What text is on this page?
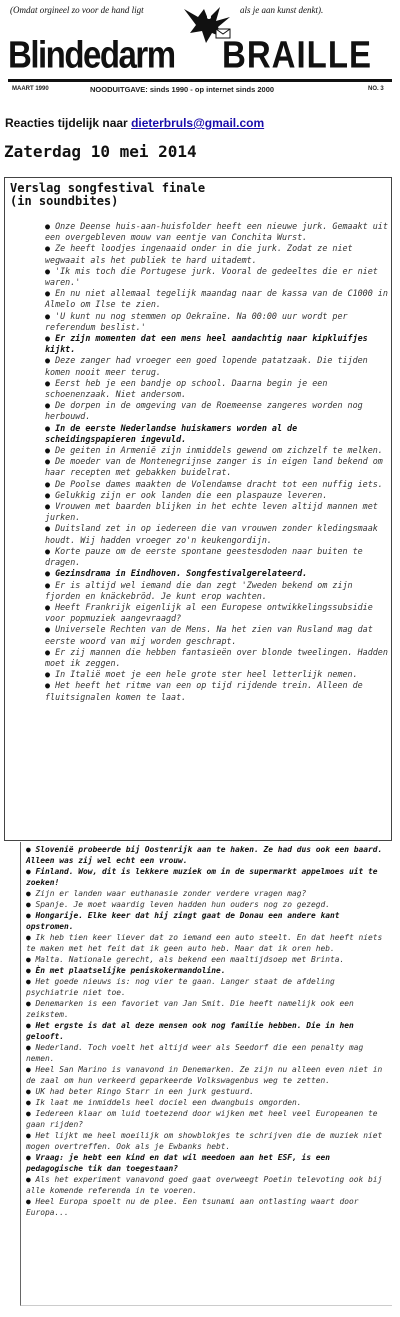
(Omdat orgineel zo voor de hand ligt	als je aan kunst denkt).
Blindedarm BRAILLE
MAART 1990	NOODUITGAVE: sinds 1990 - op internet sinds 2000	NO. 3
Reacties tijdelijk naar dieterbruls@gmail.com
Zaterdag 10 mei 2014
Verslag songfestival finale
(in soundbites)

● Onze Deense huis-aan-huisfolder heeft een nieuwe jurk. Gemaakt uit een overgebleven mouw van eentje van Conchita Wurst.

● Ze heeft loodjes ingenaaid onder in die jurk. Zodat ze niet wegwaait als het publiek te hard uitademt.

● 'Ik mis toch die Portugese jurk. Vooral de gedeeltes die er niet waren.'

● En nu niet allemaal tegelijk maandag naar de kassa van de C1000 in Almelo om Ilse te zien.

● 'U kunt nu nog stemmen op Oekraïne. Na 00:00 uur wordt per referendum beslist.'

● Er zijn momenten dat een mens heel aandachtig naar kipkluifjes kijkt.

● Deze zanger had vroeger een goed lopende patatzaak. Die tijden komen nooit meer terug.

● Eerst heb je een bandje op school. Daarna begin je een schoenenzaak. Niet andersom.

● De dorpen in de omgeving van de Roemeense zangeres worden nog herbouwd.

● In de eerste Nederlandse huiskamers worden al de scheidingspapieren ingevuld.

● De geiten in Armenië zijn inmiddels gewend om zichzelf te melken.

● De moeder van de Montenegrijnse zanger is in eigen land bekend om haar recepten met gebakken buidelrat.

● De Poolse dames maakten de Volendamse dracht tot een nuffig iets.

● Gelukkig zijn er ook landen die een plaspauze leveren.

● Vrouwen met baarden blijken in het echte leven altijd mannen met jurken.

● Duitsland zet in op iedereen die van vrouwen zonder kledingsmaak houdt. Wij hadden vroeger zo'n keukengordijn.

● Korte pauze om de eerste spontane geestesdoden naar buiten te dragen.

● Gezinsdrama in Eindhoven. Songfestivalgerelateerd.

● Er is altijd wel iemand die dan zegt 'Zweden bekend om zijn fjorden en knäckebröd. Je kunt erop wachten.

● Heeft Frankrijk eigenlijk al een Europese ontwikkelingssubsidie voor popmuziek aangevraagd?

● Universele Rechten van de Mens. Na het zien van Rusland mag dat eerste woord van mij worden geschrapt.

● Er zij mannen die hebben fantasieën over blonde tweelingen. Hadden moet ik zeggen.

● In Italië moet je een hele grote ster heel letterlijk nemen.

● Het heeft het ritme van een op tijd rijdende trein. Alleen de fluitsignalen komen te laat.

● Slovenië probeerde bij Oostenrijk aan te haken. Ze had dus ook een baard. Alleen was zij wel echt een vrouw.

● Finland. Wow, dit is lekkere muziek om in de supermarkt appelmoes uit te zoeken!

● Zijn er landen waar euthanasie zonder verdere vragen mag?

● Spanje. Je moet waardig leven hadden hun ouders nog zo gezegd.

● Hongarije. Elke keer dat hij zingt gaat de Donau een andere kant opstromen.

● Ik heb tien keer liever dat zo iemand een auto steelt. En dat heeft niets te maken met het feit dat ik geen auto heb. Maar dat ik oren heb.

● Malta. Nationale gerecht, als bekend een maaltijdsoep met Brinta.

● Èn met plaatselijke peniskokermandoline.

● Het goede nieuws is: nog vier te gaan. Langer staat de afdeling psychiatrie niet toe.

● Denemarken is een favoriet van Jan Smit. Die heeft namelijk ook een zeikstem.

● Het ergste is dat al deze mensen ook nog familie hebben. Die in hen gelooft.

● Nederland. Toch voelt het altijd weer als Seedorf die een penalty mag nemen.

● Heel San Marino is vanavond in Denemarken. Ze zijn nu alleen even niet in de zaal om hun verkeerd geparkeerde Volkswagenbus weg te zetten.

● UK had beter Ringo Starr in een jurk gestuurd.

● Ik laat me inmiddels heel dociel een dwangbuis omgorden.

● Iedereen klaar om luid toetezend door wijken met heel veel Europeanen te gaan rijden?

● Het lijkt me heel moeilijk om showblokjes te schrijven die de muziek niet mogen overtreffen. Ook als je Ewbanks hebt.

● Vraag: je hebt een kind en dat wil meedoen aan het ESF, is een pedagogische tik dan toegestaan?

● Als het experiment vanavond goed gaat overweegt Poetin televoting ook bij alle komende referenda in te voeren.

● Heel Europa spoelt nu de plee. Een tsunami aan ontlasting waart door Europa...
